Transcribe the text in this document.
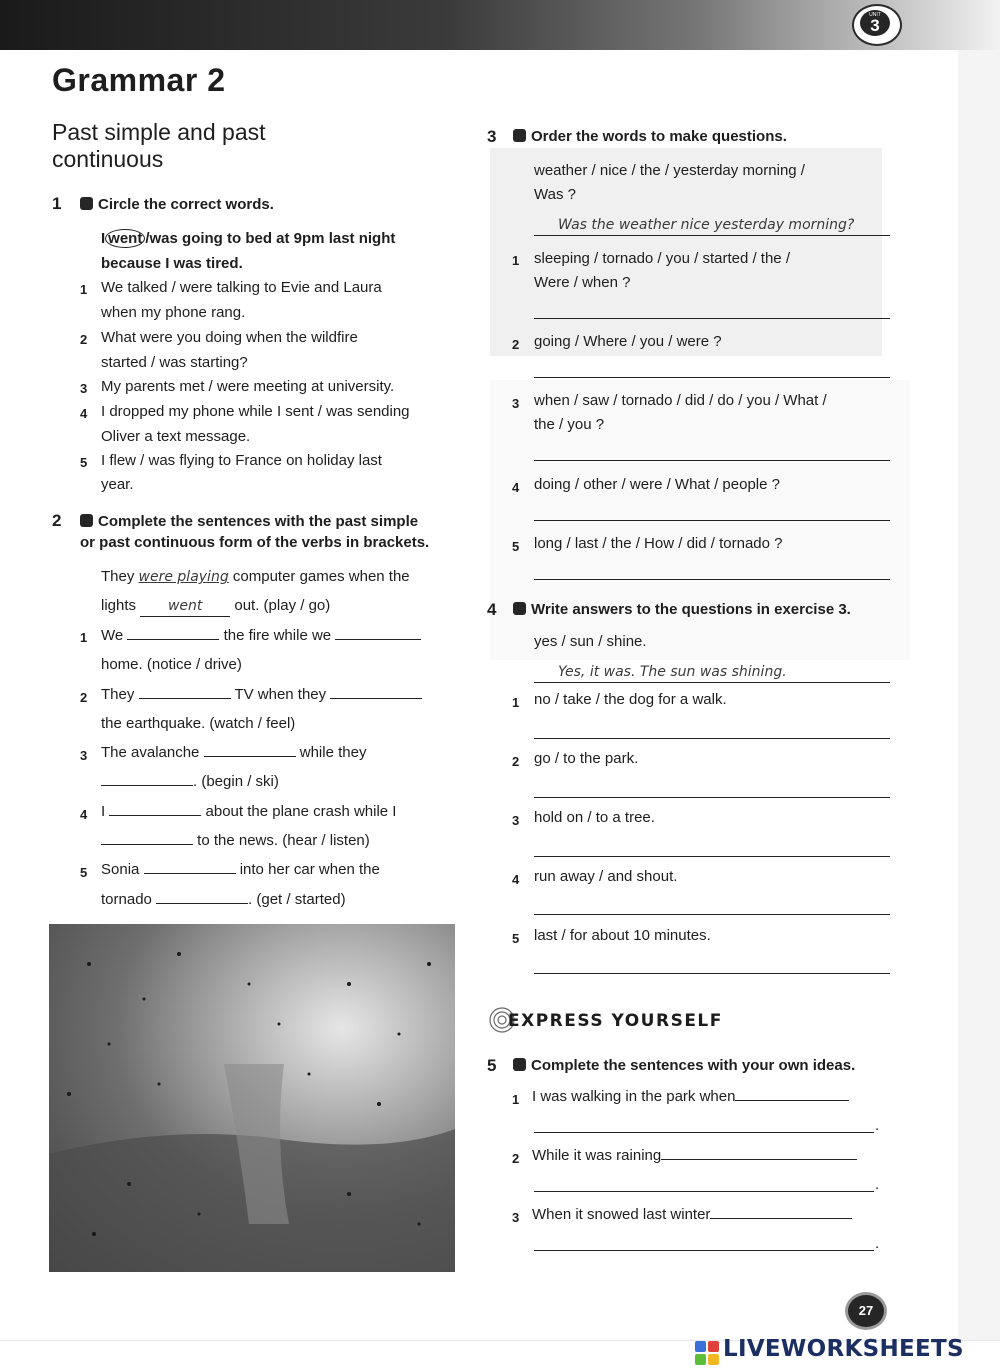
UNIT
3
Grammar 2
Past simple and past continuous
1	Circle the correct words.
I went /was going to bed at 9pm last night
because I was tired.
1 We talked / were talking to Evie and Laura
when my phone rang.
2 What were you doing when the wildfire
started / was starting?
3 My parents met / were meeting at university.
4 I dropped my phone while I sent / was sending
Oliver a text message.
5 I flew / was flying to France on holiday last
year.
2	Complete the sentences with the past simple
or past continuous form of the verbs in brackets.
They were playing computer games when the
lights went out. (play / go)
1 We	the fire while we
home. (notice / drive)
2 They	TV when they
the earthquake. (watch / feel)
3 The avalanche	while they
. (begin / ski)
4 I	about the plane crash while I
to the news. (hear / listen)
5 Sonia	into her car when the
tornado	. (get / started)
3	Order the words to make questions.
weather / nice / the / yesterday morning /
Was ?
Was the weather nice yesterday morning?
1 sleeping / tornado / you / started / the /
Were / when ?
2 going / Where / you / were ?
3 when / saw / tornado / did / do / you / What /
the / you ?
4 doing / other / were / What / people ?
5 long / last / the / How / did / tornado ?
4	Write answers to the questions in exercise 3.
yes / sun / shine.
Yes, it was. The sun was shining.
1 no / take / the dog for a walk.
2 go / to the park.
3 hold on / to a tree.
4 run away / and shout.
5 last / for about 10 minutes.
EXPRESS YOURSELF
5	Complete the sentences with your own ideas.
1 I was walking in the park when
.
2 While it was raining
.
3 When it snowed last winter
.
27
LIVEWORKSHEETS
